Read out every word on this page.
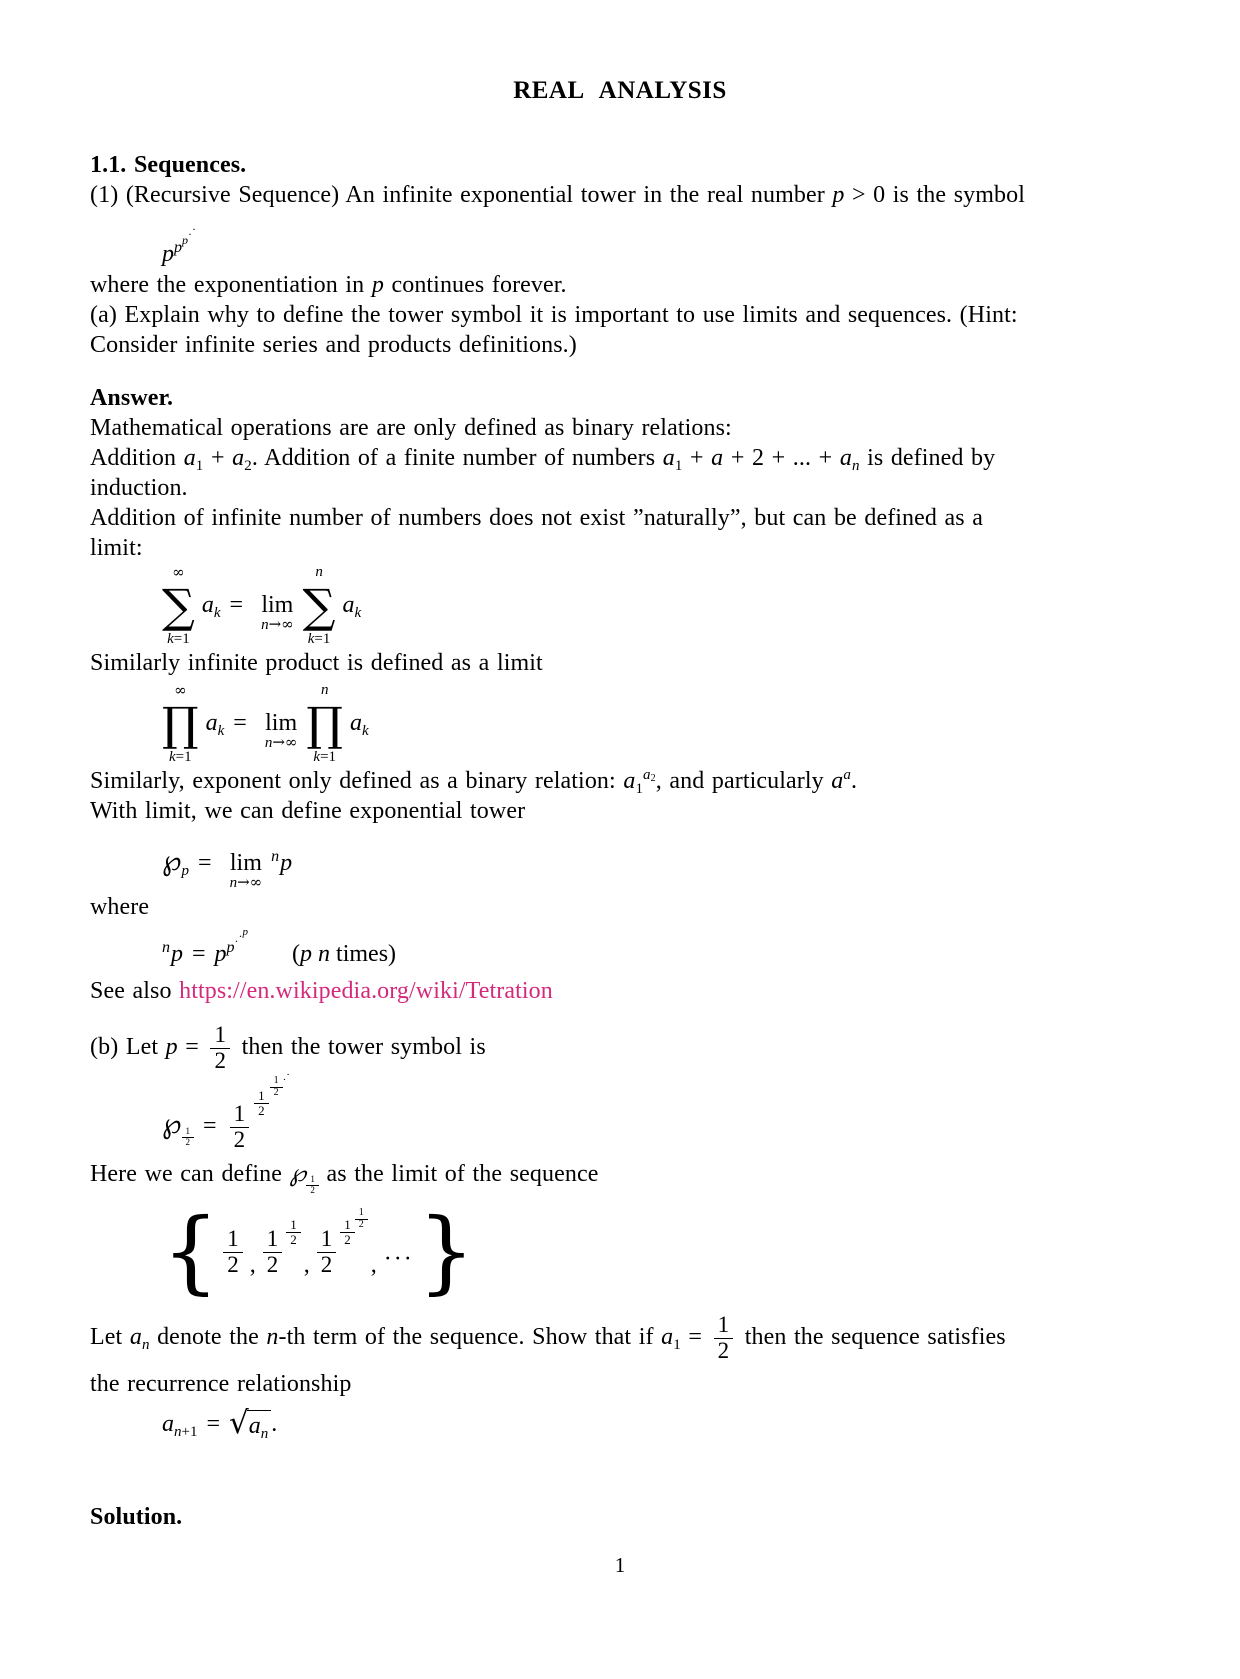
REAL ANALYSIS
1.1. Sequences.
(1) (Recursive Sequence) An infinite exponential tower in the real number p > 0 is the symbol
$p^{pp\cdot\cdot}$
where the exponentiation in p continues forever.
(a) Explain why to define the tower symbol it is important to use limits and sequences. (Hint:
Consider infinite series and products definitions.)
Answer.
Mathematical operations are are only defined as binary relations:
Addition $a_1 + a_2$. Addition of a finite number of numbers $a_1 + a + 2$ + ... + $a_n$ is defined by
induction.
Addition of infinite number of numbers does not exist ”naturally”, but can be defined as a
limit:
∞
∑
k=1
$a_k = \lim$
n→∞
n
∑
k=1
$a_k$
Similarly infinite product is defined as a limit
∞
∏
k=1
$a_k = \lim$
n→∞
n
∏
k=1
$a_k$
Similarly, exponent only defined as a binary relation: $a_1^{a_2}$, and particularly $a^a$.
With limit, we can define exponential tower
$℘_p = \lim$
n→∞
$^n$p
where
$^np = p^{p\cdot\cdot p}(p$ n times)
See also https://en.wikipedia.org/wiki/Tetration
(b) Let $p = \frac{1}{2}$ then the tower symbol is
℘ $_{\frac{1}{2}} = \frac{1}{2} \frac{1}{2}$
$\frac{1}{2} ^{\cdot\cdot}$
Here we can define ℘ $_{\frac{1}{2}}$ as the limit of the sequence
{ $\frac{1}{2}$ , $\frac{1}{2} \frac{1}{2}$
, $\frac{1}{2} \frac{1}{2} \frac{1}{2}$
, ···}
Let $a_n$ denote the n-th term of the sequence. Show that if $a_1 = \frac{1}{2}$ then the sequence satisfies
the recurrence relationship
$a_{n+1}$ = √ $a_n$ .
Solution.
1
